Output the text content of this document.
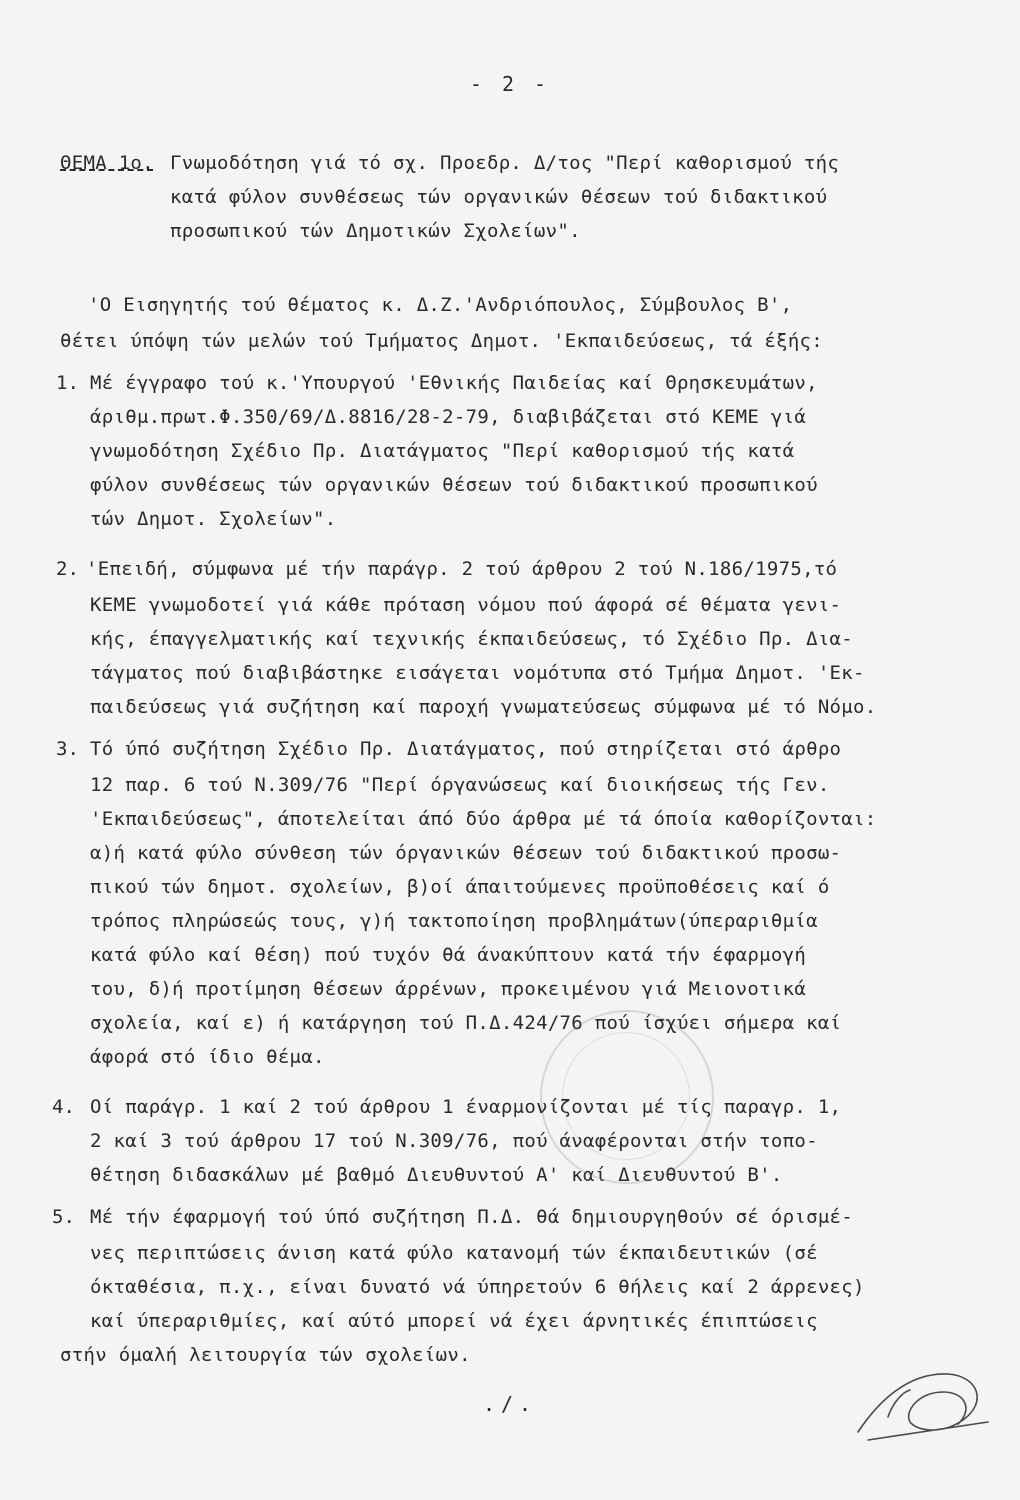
- 2 -
ΘΕΜΑ 1ο. Γνωμοδότηση γιά τό σχ. Προεδρ. Δ/τος "Περί καθορισμού τής
κατά φύλον συνθέσεως τών οργανικών θέσεων τού διδακτικού
προσωπικού τών Δημοτικών Σχολείων".
'Ο Εισηγητής τού θέματος κ. Δ.Ζ.'Ανδριόπουλος, Σύμβουλος Β',
θέτει ύπόψη τών μελών τού Τμήματος Δημοτ. 'Εκπαιδεύσεως, τά έξής:
1. Μέ έγγραφο τού κ.'Υπουργού 'Εθνικής Παιδείας καί Θρησκευμάτων,
άριθμ.πρωτ.Φ.350/69/Δ.8816/28-2-79, διαβιβάζεται στό ΚΕΜΕ γιά
γνωμοδότηση Σχέδιο Πρ. Διατάγματος "Περί καθορισμού τής κατά
φύλον συνθέσεως τών οργανικών θέσεων τού διδακτικού προσωπικού
τών Δημοτ. Σχολείων".
2. 'Επειδή, σύμφωνα μέ τήν παράγρ. 2 τού άρθρου 2 τού Ν.186/1975,τό
ΚΕΜΕ γνωμοδοτεί γιά κάθε πρόταση νόμου πού άφορά σέ θέματα γενι-
κής, έπαγγελματικής καί τεχνικής έκπαιδεύσεως, τό Σχέδιο Πρ. Δια-
τάγματος πού διαβιβάστηκε εισάγεται νομότυπα στό Τμήμα Δημοτ. 'Εκ-
παιδεύσεως γιά συζήτηση καί παροχή γνωματεύσεως σύμφωνα μέ τό Νόμο.
3. Τό ύπό συζήτηση Σχέδιο Πρ. Διατάγματος, πού στηρίζεται στό άρθρο
12 παρ. 6 τού Ν.309/76 "Περί όργανώσεως καί διοικήσεως τής Γεν.
'Εκπαιδεύσεως", άποτελείται άπό δύο άρθρα μέ τά όποία καθορίζονται:
α)ή κατά φύλο σύνθεση τών όργανικών θέσεων τού διδακτικού προσω-
πικού τών δημοτ. σχολείων, β)οί άπαιτούμενες προϋποθέσεις καί ό
τρόπος πληρώσεώς τους, γ)ή τακτοποίηση προβλημάτων(ύπεραριθμία
κατά φύλο καί θέση) πού τυχόν θά άνακύπτουν κατά τήν έφαρμογή
του, δ)ή προτίμηση θέσεων άρρένων, προκειμένου γιά Μειονοτικά
σχολεία, καί ε) ή κατάργηση τού Π.Δ.424/76 πού ίσχύει σήμερα καί
άφορά στό ίδιο θέμα.
4. Οί παράγρ. 1 καί 2 τού άρθρου 1 έναρμονίζονται μέ τίς παραγρ. 1,
2 καί 3 τού άρθρου 17 τού Ν.309/76, πού άναφέρονται στήν τοπο-
θέτηση διδασκάλων μέ βαθμό Διευθυντού Α' καί Διευθυντού Β'.
5. Μέ τήν έφαρμογή τού ύπό συζήτηση Π.Δ. θά δημιουργηθούν σέ όρισμέ-
νες περιπτώσεις άνιση κατά φύλο κατανομή τών έκπαιδευτικών (σέ
όκταθέσια, π.χ., είναι δυνατό νά ύπηρετούν 6 θήλεις καί 2 άρρενες)
καί ύπεραριθμίες, καί αύτό μπορεί νά έχει άρνητικές έπιπτώσεις
στήν όμαλή λειτουργία τών σχολείων.
./.
